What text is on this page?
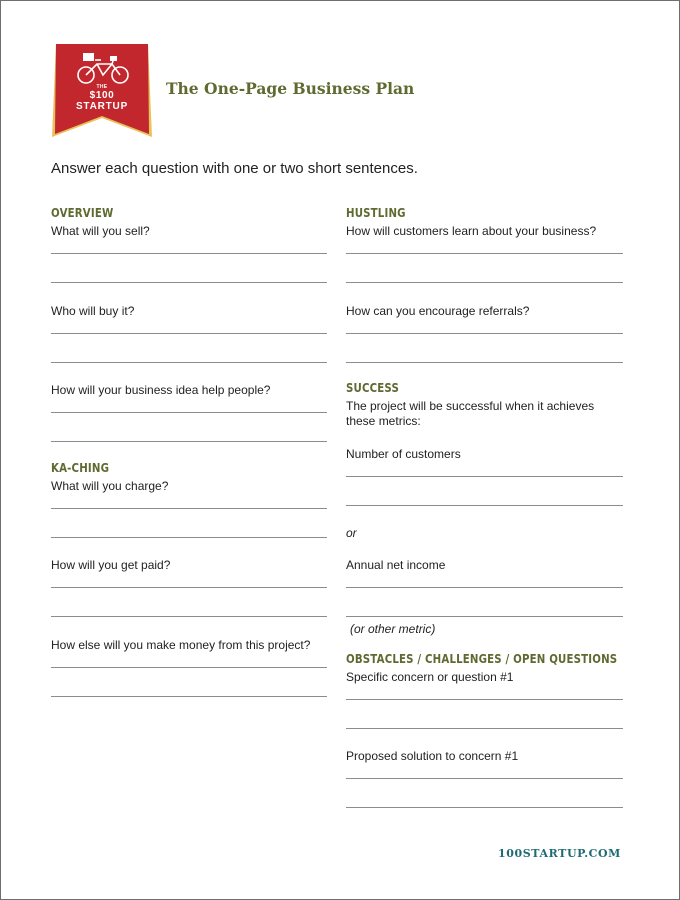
THE
$100
STARTUP
The One-Page Business Plan
Answer each question with one or two short sentences.
OVERVIEW
What will you sell?
Who will buy it?
How will your business idea help people?
KA-CHING
What will you charge?
How will you get paid?
How else will you make money from this project?
HUSTLING
How will customers learn about your business?
How can you encourage referrals?
SUCCESS
The project will be successful when it achieves these metrics:
Number of customers
or
Annual net income
(or other metric)
OBSTACLES / CHALLENGES / OPEN QUESTIONS
Specific concern or question #1
Proposed solution to concern #1
100STARTUP.COM
